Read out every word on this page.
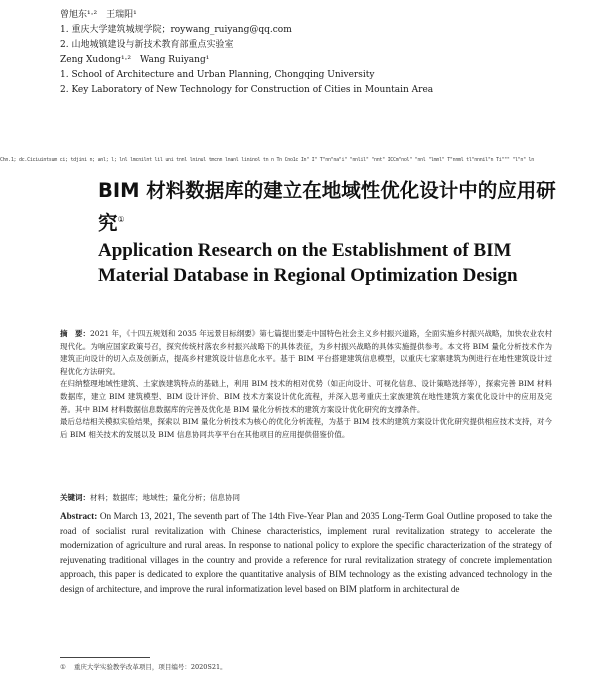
曾旭东¹·²　王瑞阳¹
1. 重庆大学建筑城规学院；roywang_ruiyang@qq.com
2. 山地城镇建设与新技术教育部重点实验室
Zeng Xudong¹·²　Wang Ruiyang¹
1. School of Architecture and Urban Planning, Chongqing University
2. Key Laboratory of New Technology for Construction of Cities in Mountain Area
Chn.1; dc.Ciciuintsum ci; tdjini n; anl; l; lnl lmcnilnt lil uni tnnl lninul tmcnn lnanl lininol tn n Tn Cno1c In" I" T"nn"na"i" "nnlil" "nnt" ICCm"nol" "nnl "lmnl" T"nnml tl"nnnil"n Ti""" "l"n" ln
BIM 材料数据库的建立在地域性优化设计中的应用研究①
Application Research on the Establishment of BIM Material Database in Regional Optimization Design

摘　要：2021 年，《十四五规划和 2035 年远景目标纲要》第七篇提出要走中国特色社会主义乡村振兴道路，全面实施乡村振兴战略，加快农业农村现代化。为响应国家政策号召，探究传统村落农乡村振兴战略下的具体表征，为乡村振兴战略的具体实施提供参考。本文将 BIM 量化分析技术作为建筑正向设计的切入点及创新点，提高乡村建筑设计信息化水平。基于 BIM 平台搭建建筑信息模型，以重庆七家寨建筑为例进行在地性建筑设计过程优化方法研究。

在归纳整理地域性建筑、土家族建筑特点的基础上，利用 BIM 技术的相对优势（如正向设计、可视化信息、设计策略选择等），探索完善 BIM 材料数据库，建立 BIM 建筑模型、BIM 设计评价、BIM 技术方案设计优化流程，并深入思考重庆土家族建筑在地性建筑方案优化设计中的应用及完善。其中 BIM 材料数据信息数据库的完善及优化是 BIM 量化分析技术的建筑方案设计优化研究的支撑条件。

最后总结相关模拟实验结果，探索以 BIM 量化分析技术为核心的优化分析流程，为基于 BIM 技术的建筑方案设计优化研究提供相应技术支持，对今后 BIM 相关技术的发展以及 BIM 信息协同共享平台在其他项目的应用提供借鉴价值。

关键词：材料；数据库；地域性；量化分析；信息协同
Abstract: On March 13, 2021, The seventh part of The 14th Five-Year Plan and 2035 Long-Term Goal Outline proposed to take the road of socialist rural revitalization with Chinese characteristics, implement rural revitalization strategy to accelerate the modernization of agriculture and rural areas. In response to national policy to explore the specific characterization of the strategy of rejuvenating traditional villages in the country and provide a reference for rural revitalization strategy of concrete implementation approach, this paper is dedicated to explore the quantitative analysis of BIM technology as the existing advanced technology in the design of architecture, and improve the rural informatization level based on BIM platform in architectural de
① 重庆大学实验教学改革项目，项目编号：2020S21。
